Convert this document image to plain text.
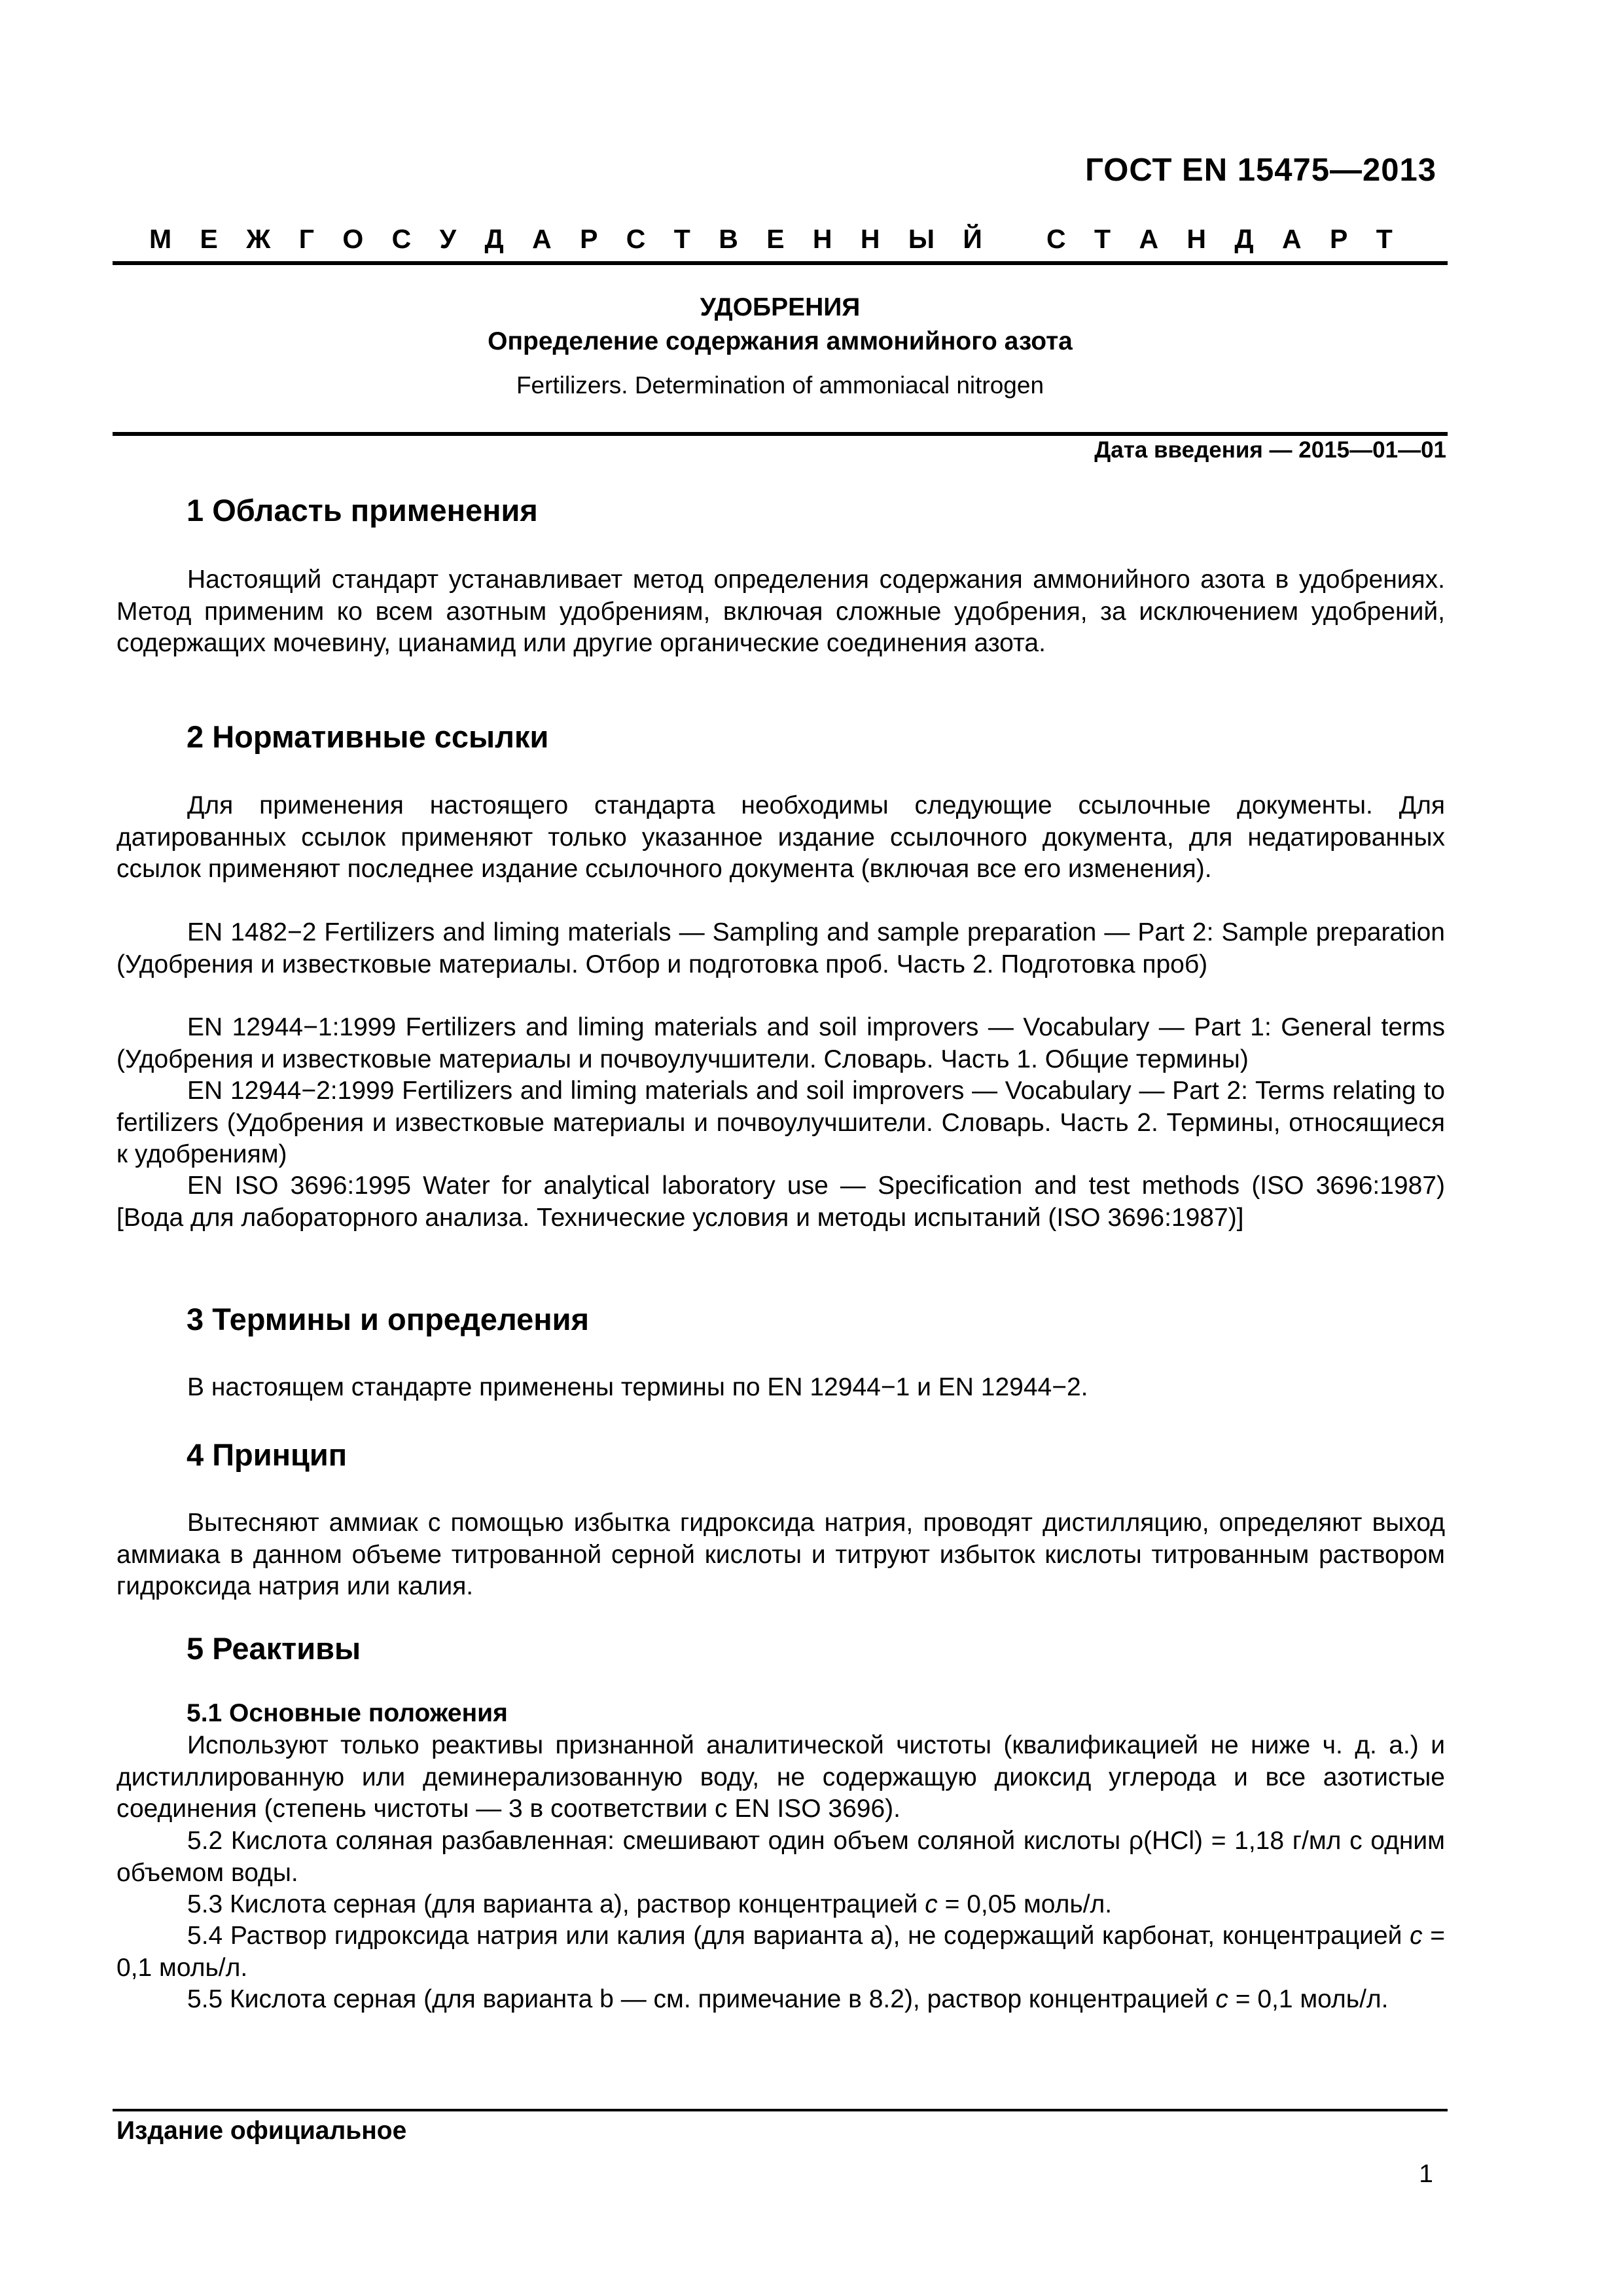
ГОСТ EN 15475—2013
М Е Ж Г О С У Д А Р С Т В Е Н Н Ы Й
С Т А Н Д А Р Т
УДОБРЕНИЯ
Определение содержания аммонийного азота
Fertilizers. Determination of ammoniacal nitrogen
Дата введения — 2015—01—01
1 Область применения
Настоящий стандарт устанавливает метод определения содержания аммонийного азота в удобрениях. Метод применим ко всем азотным удобрениям, включая сложные удобрения, за исключением удобрений, содержащих мочевину, цианамид или другие органические соединения азота.
2 Нормативные ссылки
Для применения настоящего стандарта необходимы следующие ссылочные документы. Для датированных ссылок применяют только указанное издание ссылочного документа, для недатированных ссылок применяют последнее издание ссылочного документа (включая все его изменения).
EN 1482−2 Fertilizers and liming materials — Sampling and sample preparation — Part 2: Sample preparation (Удобрения и известковые материалы. Отбор и подготовка проб. Часть 2. Подготовка проб)
EN 12944−1:1999 Fertilizers and liming materials and soil improvers — Vocabulary — Part 1: General terms (Удобрения и известковые материалы и почвоулучшители. Словарь. Часть 1. Общие термины)
EN 12944−2:1999 Fertilizers and liming materials and soil improvers — Vocabulary — Part 2: Terms relating to fertilizers (Удобрения и известковые материалы и почвоулучшители. Словарь. Часть 2. Термины, относящиеся к удобрениям)
EN ISO 3696:1995 Water for analytical laboratory use — Specification and test methods (ISO 3696:1987) [Вода для лабораторного анализа. Технические условия и методы испытаний (ISO 3696:1987)]
3 Термины и определения
В настоящем стандарте применены термины по EN 12944−1 и EN 12944−2.
4 Принцип
Вытесняют аммиак с помощью избытка гидроксида натрия, проводят дистилляцию, определяют выход аммиака в данном объеме титрованной серной кислоты и титруют избыток кислоты титрованным раствором гидроксида натрия или калия.
5 Реактивы
5.1 Основные положения
Используют только реактивы признанной аналитической чистоты (квалификацией не ниже ч. д. а.) и дистиллированную или деминерализованную воду, не содержащую диоксид углерода и все азотистые соединения (степень чистоты — 3 в соответствии с EN ISO 3696).
5.2 Кислота соляная разбавленная: смешивают один объем соляной кислоты ρ(HCl) = 1,18 г/мл с одним объемом воды.
5.3 Кислота серная (для варианта а), раствор концентрацией c = 0,05 моль/л.
5.4 Раствор гидроксида натрия или калия (для варианта а), не содержащий карбонат, концентрацией c = 0,1 моль/л.
5.5 Кислота серная (для варианта b — см. примечание в 8.2), раствор концентрацией c = 0,1 моль/л.
Издание официальное
1
